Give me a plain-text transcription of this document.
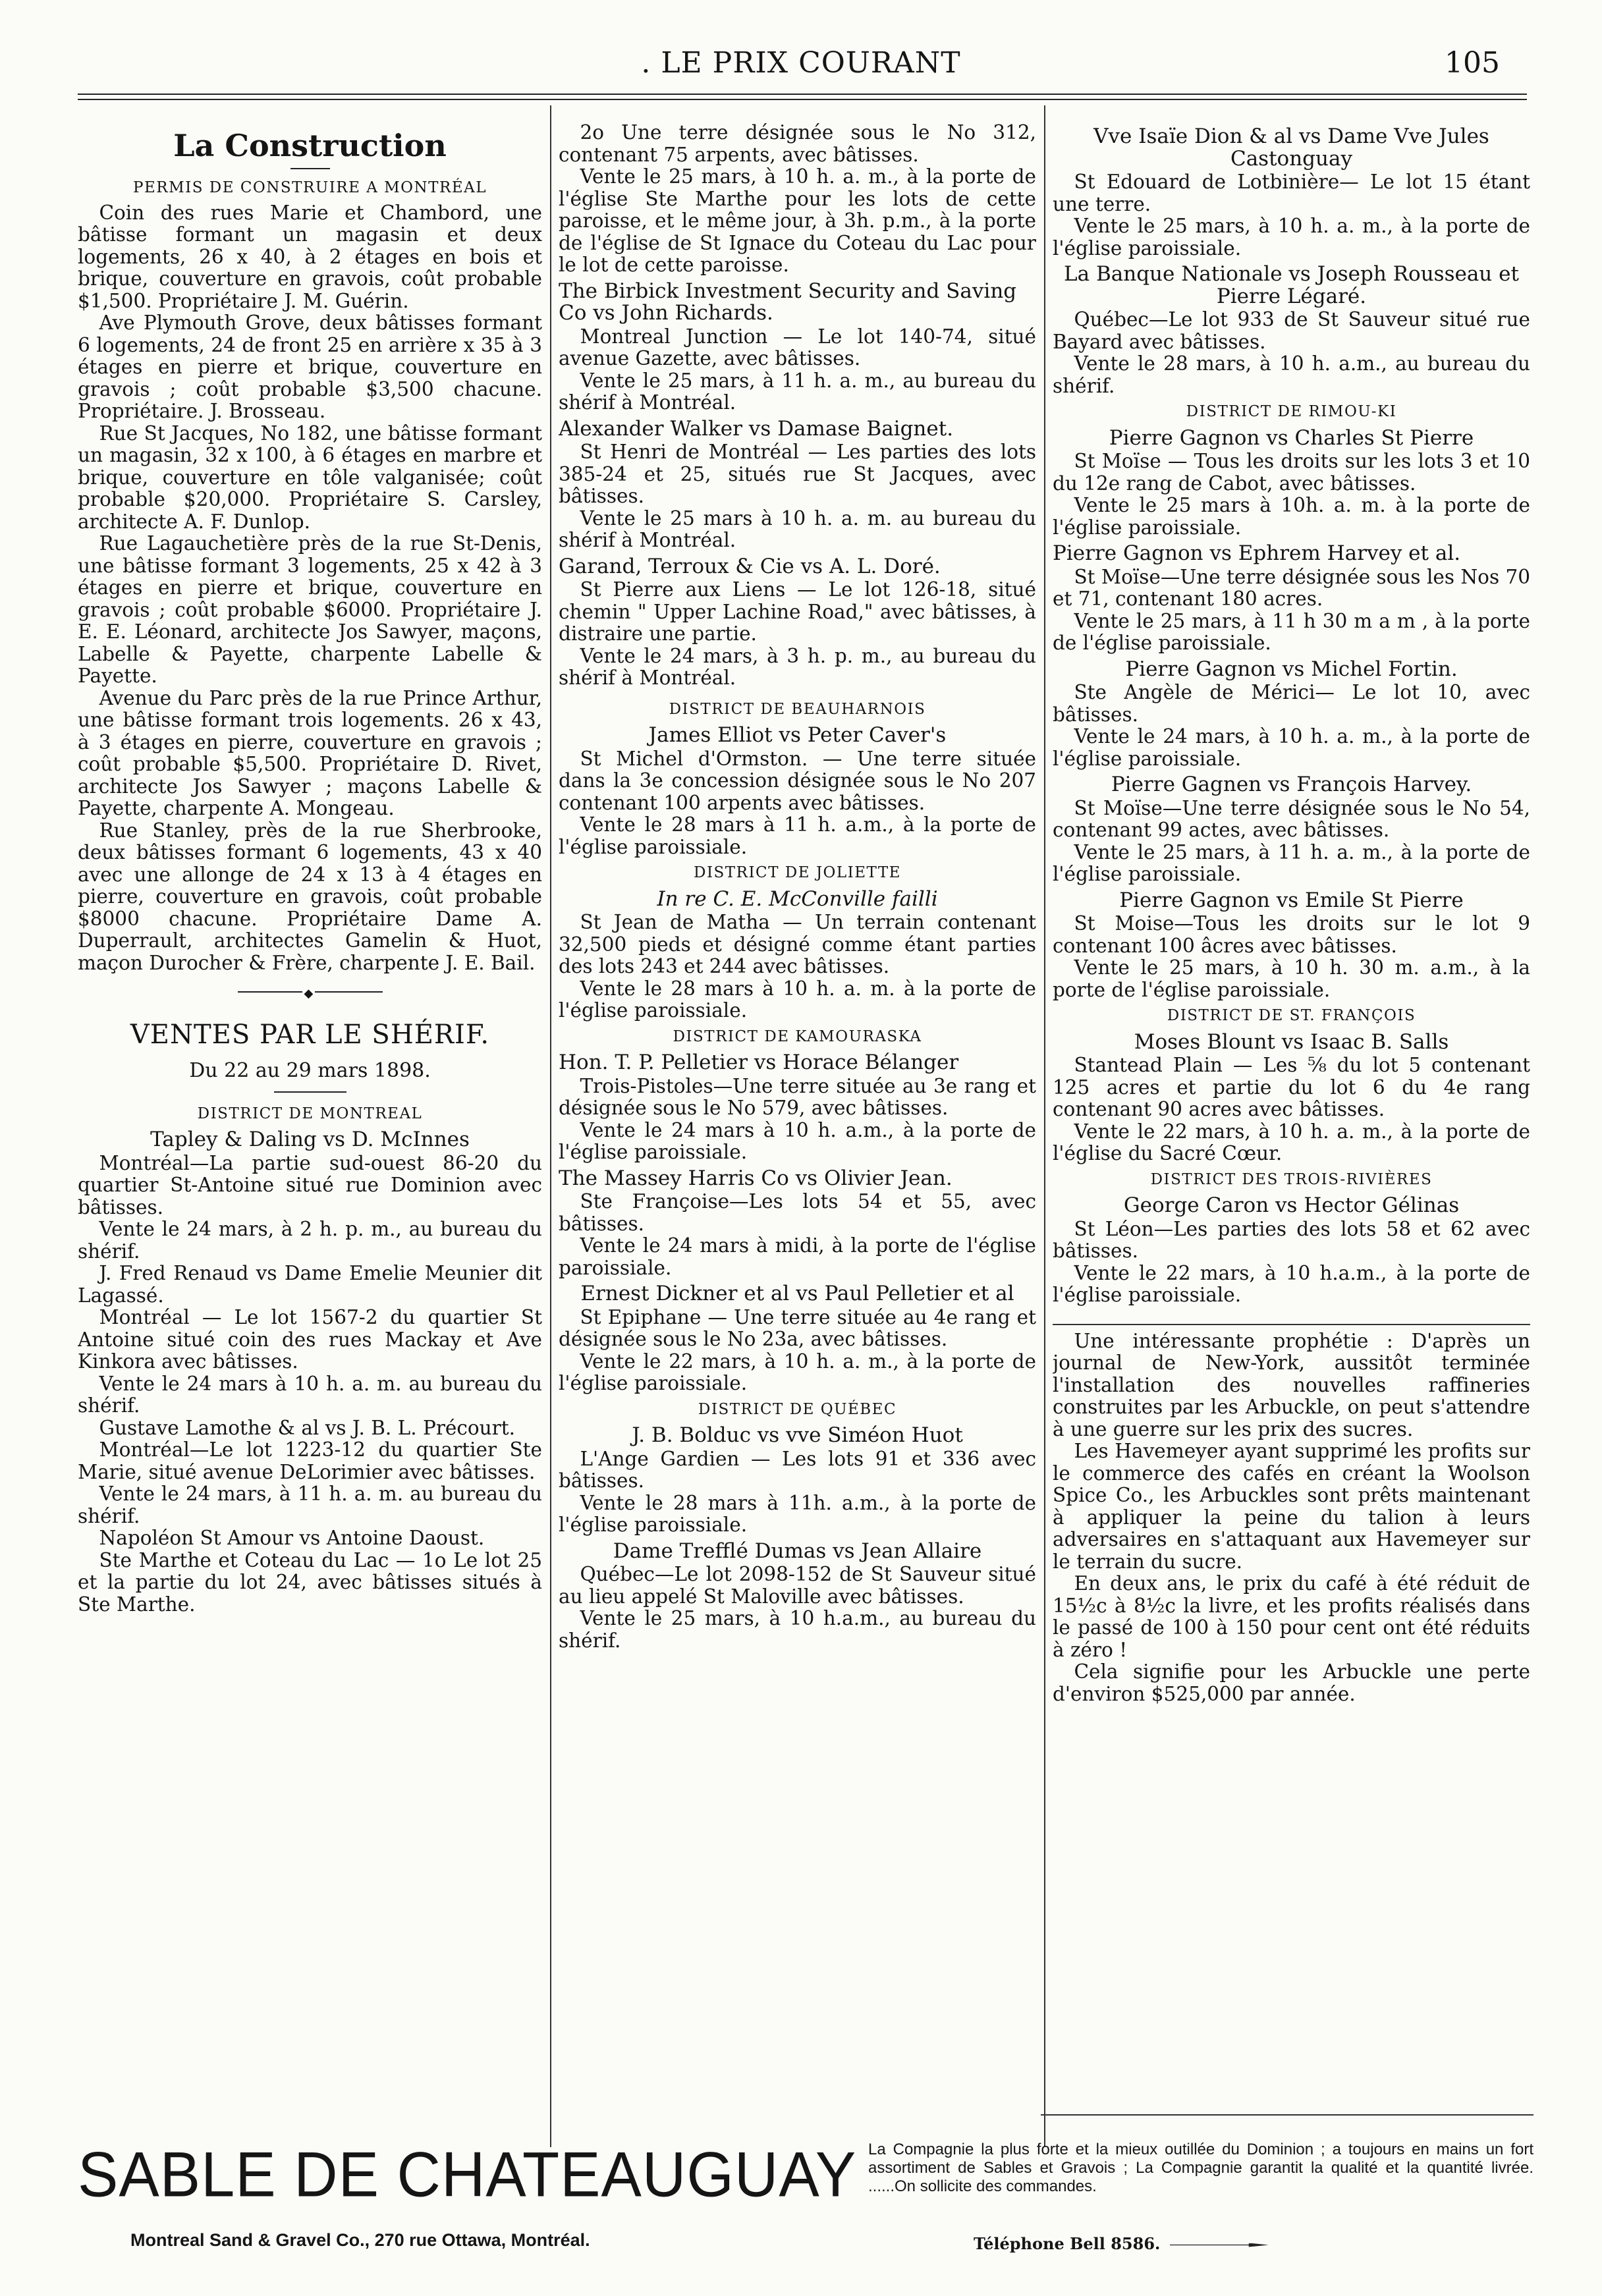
. LE PRIX COURANT	105
La Construction
PERMIS DE CONSTRUIRE A MONTRÉAL

Coin des rues Marie et Chambord, une bâtisse formant un magasin et deux logements, 26 x 40, à 2 étages en bois et brique, couverture en gravois, coût probable $1,500. Propriétaire J. M. Guérin.

Ave Plymouth Grove, deux bâtisses formant 6 logements, 24 de front 25 en arrière x 35 à 3 étages en pierre et brique, couverture en gravois ; coût probable $3,500 chacune. Propriétaire. J. Brosseau.

Rue St Jacques, No 182, une bâtisse formant un magasin, 32 x 100, à 6 étages en marbre et brique, couverture en tôle valganisée; coût probable $20,000. Propriétaire S. Carsley, architecte A. F. Dunlop.

Rue Lagauchetière près de la rue St-Denis, une bâtisse formant 3 logements, 25 x 42 à 3 étages en pierre et brique, couverture en gravois ; coût probable $6000. Propriétaire J. E. E. Léonard, architecte Jos Sawyer, maçons, Labelle & Payette, charpente Labelle & Payette.

Avenue du Parc près de la rue Prince Arthur, une bâtisse formant trois logements. 26 x 43, à 3 étages en pierre, couverture en gravois ; coût probable $5,500. Propriétaire D. Rivet, architecte Jos Sawyer ; maçons Labelle & Payette, charpente A. Mongeau.

Rue Stanley, près de la rue Sherbrooke, deux bâtisses formant 6 logements, 43 x 40 avec une allonge de 24 x 13 à 4 étages en pierre, couverture en gravois, coût probable $8000 chacune. Propriétaire Dame A. Duperrault, architectes Gamelin & Huot, maçon Durocher & Frère, charpente J. E. Bail.

◆
VENTES PAR LE SHÉRIF.
Du 22 au 29 mars 1898.
DISTRICT DE MONTREAL
Tapley & Daling vs D. McInnes

Montréal—La partie sud-ouest 86-20 du quartier St-Antoine situé rue Dominion avec bâtisses.

Vente le 24 mars, à 2 h. p. m., au bureau du shérif.

J. Fred Renaud vs Dame Emelie Meunier dit Lagassé.

Montréal — Le lot 1567-2 du quartier St Antoine situé coin des rues Mackay et Ave Kinkora avec bâtisses.

Vente le 24 mars à 10 h. a. m. au bureau du shérif.

Gustave Lamothe & al vs J. B. L. Précourt.

Montréal—Le lot 1223-12 du quartier Ste Marie, situé avenue DeLorimier avec bâtisses.

Vente le 24 mars, à 11 h. a. m. au bureau du shérif.

Napoléon St Amour vs Antoine Daoust.

Ste Marthe et Coteau du Lac — 1o Le lot 25 et la partie du lot 24, avec bâtisses situés à Ste Marthe.

2o Une terre désignée sous le No 312, contenant 75 arpents, avec bâtisses.

Vente le 25 mars, à 10 h. a. m., à la porte de l'église Ste Marthe pour les lots de cette paroisse, et le même jour, à 3h. p.m., à la porte de l'église de St Ignace du Coteau du Lac pour le lot de cette paroisse.

The Birbick Investment Security and Saving Co vs John Richards.

Montreal Junction — Le lot 140-74, situé avenue Gazette, avec bâtisses.

Vente le 25 mars, à 11 h. a. m., au bureau du shérif à Montréal.

Alexander Walker vs Damase Baignet.

St Henri de Montréal — Les parties des lots 385-24 et 25, situés rue St Jacques, avec bâtisses.

Vente le 25 mars à 10 h. a. m. au bureau du shérif à Montréal.

Garand, Terroux & Cie vs A. L. Doré.

St Pierre aux Liens — Le lot 126-18, situé chemin " Upper Lachine Road," avec bâtisses, à distraire une partie.

Vente le 24 mars, à 3 h. p. m., au bureau du shérif à Montréal.

DISTRICT DE BEAUHARNOIS
James Elliot vs Peter Caver's

St Michel d'Ormston. — Une terre située dans la 3e concession désignée sous le No 207 contenant 100 arpents avec bâtisses.

Vente le 28 mars à 11 h. a.m., à la porte de l'église paroissiale.

DISTRICT DE JOLIETTE
In re C. E. McConville failli

St Jean de Matha — Un terrain contenant 32,500 pieds et désigné comme étant parties des lots 243 et 244 avec bâtisses.

Vente le 28 mars à 10 h. a. m. à la porte de l'église paroissiale.

DISTRICT DE KAMOURASKA
Hon. T. P. Pelletier vs Horace Bélanger

Trois-Pistoles—Une terre située au 3e rang et désignée sous le No 579, avec bâtisses.

Vente le 24 mars à 10 h. a.m., à la porte de l'église paroissiale.

The Massey Harris Co vs Olivier Jean.

Ste Françoise—Les lots 54 et 55, avec bâtisses.

Vente le 24 mars à midi, à la porte de l'église paroissiale.

Ernest Dickner et al vs Paul Pelletier et al

St Epiphane — Une terre située au 4e rang et désignée sous le No 23a, avec bâtisses.

Vente le 22 mars, à 10 h. a. m., à la porte de l'église paroissiale.

DISTRICT DE QUÉBEC
J. B. Bolduc vs vve Siméon Huot

L'Ange Gardien — Les lots 91 et 336 avec bâtisses.

Vente le 28 mars à 11h. a.m., à la porte de l'église paroissiale.

Dame Trefflé Dumas vs Jean Allaire

Québec—Le lot 2098-152 de St Sauveur situé au lieu appelé St Maloville avec bâtisses.

Vente le 25 mars, à 10 h.a.m., au bureau du shérif.

Vve Isaïe Dion & al vs Dame Vve Jules Castonguay

St Edouard de Lotbinière— Le lot 15 étant une terre.

Vente le 25 mars, à 10 h. a. m., à la porte de l'église paroissiale.

La Banque Nationale vs Joseph Rousseau et Pierre Légaré.

Québec—Le lot 933 de St Sauveur situé rue Bayard avec bâtisses.

Vente le 28 mars, à 10 h. a.m., au bureau du shérif.

DISTRICT DE RIMOU-KI
Pierre Gagnon vs Charles St Pierre

St Moïse — Tous les droits sur les lots 3 et 10 du 12e rang de Cabot, avec bâtisses.

Vente le 25 mars à 10h. a. m. à la porte de l'église paroissiale.

Pierre Gagnon vs Ephrem Harvey et al.

St Moïse—Une terre désignée sous les Nos 70 et 71, contenant 180 acres.

Vente le 25 mars, à 11 h 30 m a m , à la porte de l'église paroissiale.

Pierre Gagnon vs Michel Fortin.

Ste Angèle de Mérici— Le lot 10, avec bâtisses.

Vente le 24 mars, à 10 h. a. m., à la porte de l'église paroissiale.

Pierre Gagnen vs François Harvey.

St Moïse—Une terre désignée sous le No 54, contenant 99 actes, avec bâtisses.

Vente le 25 mars, à 11 h. a. m., à la porte de l'église paroissiale.

Pierre Gagnon vs Emile St Pierre

St Moise—Tous les droits sur le lot 9 contenant 100 âcres avec bâtisses.

Vente le 25 mars, à 10 h. 30 m. a.m., à la porte de l'église paroissiale.

DISTRICT DE ST. FRANÇOIS
Moses Blount vs Isaac B. Salls

Stantead Plain — Les ⅝ du lot 5 contenant 125 acres et partie du lot 6 du 4e rang contenant 90 acres avec bâtisses.

Vente le 22 mars, à 10 h. a. m., à la porte de l'église du Sacré Cœur.

DISTRICT DES TROIS-RIVIÈRES
George Caron vs Hector Gélinas

St Léon—Les parties des lots 58 et 62 avec bâtisses.

Vente le 22 mars, à 10 h.a.m., à la porte de l'église paroissiale.

Une intéressante prophétie : D'après un journal de New-York, aussitôt terminée l'installation des nouvelles raffineries construites par les Arbuckle, on peut s'attendre à une guerre sur les prix des sucres.

Les Havemeyer ayant supprimé les profits sur le commerce des cafés en créant la Woolson Spice Co., les Arbuckles sont prêts maintenant à appliquer la peine du talion à leurs adversaires en s'attaquant aux Havemeyer sur le terrain du sucre.

En deux ans, le prix du café à été réduit de 15½c à 8½c la livre, et les profits réalisés dans le passé de 100 à 150 pour cent ont été réduits à zéro !

Cela signifie pour les Arbuckle une perte d'environ $525,000 par année.

SABLE DE CHATEAUGUAY
Montreal Sand & Gravel Co., 270 rue Ottawa, Montréal.
La Compagnie la plus forte et la mieux outillée du Dominion ; a toujours en mains un fort assortiment de Sables et Gravois ; La Compagnie garantit la qualité et la quantité livrée. ......On sollicite des commandes.
Téléphone Bell 8586.
